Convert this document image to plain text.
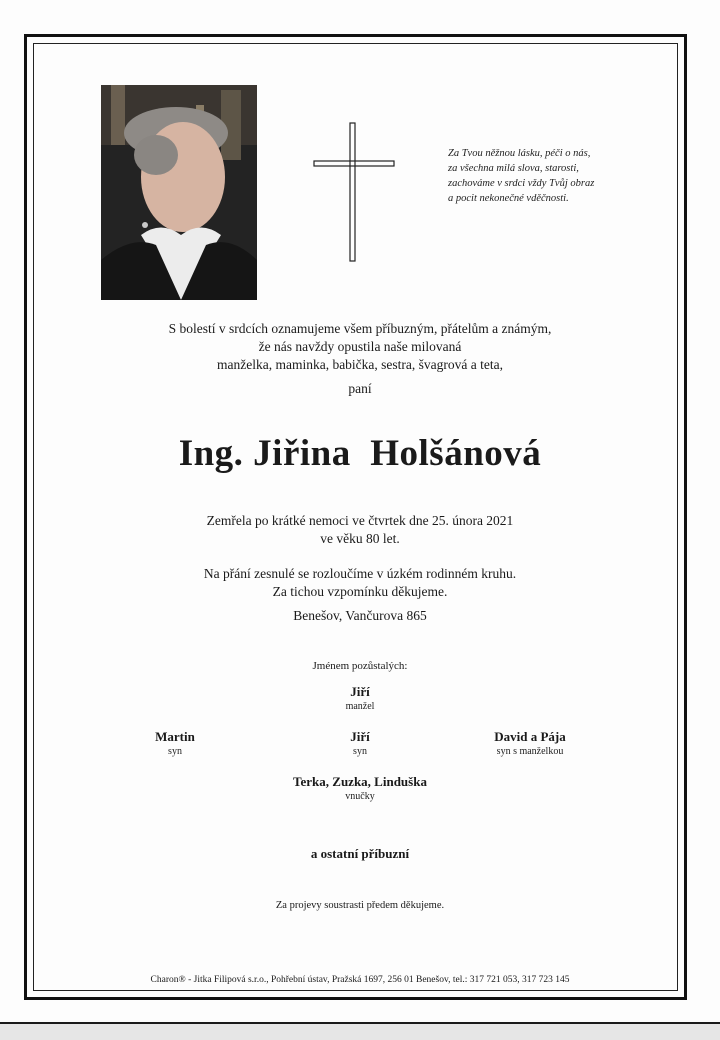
Za Tvou něžnou lásku, péči o nás,
za všechna milá slova, starosti,
zachováme v srdci vždy Tvůj obraz
a pocit nekonečné vděčnosti.
S bolestí v srdcích oznamujeme všem příbuzným, přátelům a známým,
že nás navždy opustila naše milovaná
manželka, maminka, babička, sestra, švagrová a teta,
paní
Ing. Jiřina  Holšánová
Zemřela po krátké nemoci ve čtvrtek dne 25. února 2021
ve věku 80 let.
Na přání zesnulé se rozloučíme v úzkém rodinném kruhu.
Za tichou vzpomínku děkujeme.
Benešov, Vančurova 865
Jménem pozůstalých:
Jiří
manžel
Martin
syn
Jiří
syn
David a Pája
syn s manželkou
Terka, Zuzka, Linduška
vnučky
a ostatní příbuzní
Za projevy soustrasti předem děkujeme.
Charon® - Jitka Filipová s.r.o., Pohřební ústav, Pražská 1697, 256 01 Benešov, tel.: 317 721 053, 317 723 145
